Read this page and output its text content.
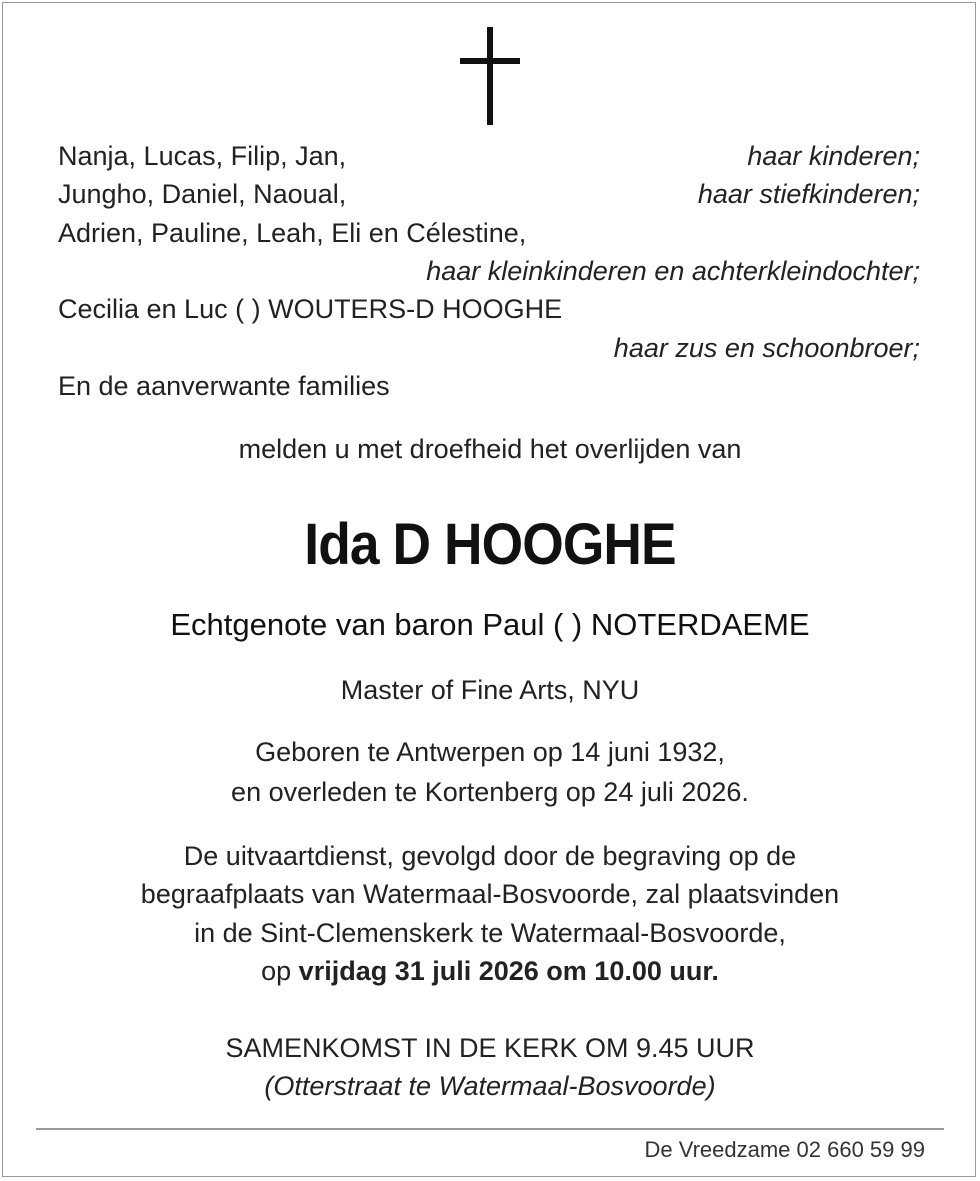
Nanja, Lucas, Filip, Jan,	haar kinderen;
Jungho, Daniel, Naoual,	haar stiefkinderen;
Adrien, Pauline, Leah, Eli en Célestine,
haar kleinkinderen en achterkleindochter;
Cecilia en Luc ( ) WOUTERS-D HOOGHE
haar zus en schoonbroer;
En de aanverwante families
melden u met droefheid het overlijden van
Ida D HOOGHE
Echtgenote van baron Paul ( ) NOTERDAEME
Master of Fine Arts, NYU
Geboren te Antwerpen op 14 juni 1932,
en overleden te Kortenberg op 24 juli 2026.
De uitvaartdienst, gevolgd door de begraving op de
begraafplaats van Watermaal-Bosvoorde, zal plaatsvinden
in de Sint-Clemenskerk te Watermaal-Bosvoorde,
op vrijdag 31 juli 2026 om 10.00 uur.
SAMENKOMST IN DE KERK OM 9.45 UUR
(Otterstraat te Watermaal-Bosvoorde)
De Vreedzame 02 660 59 99
